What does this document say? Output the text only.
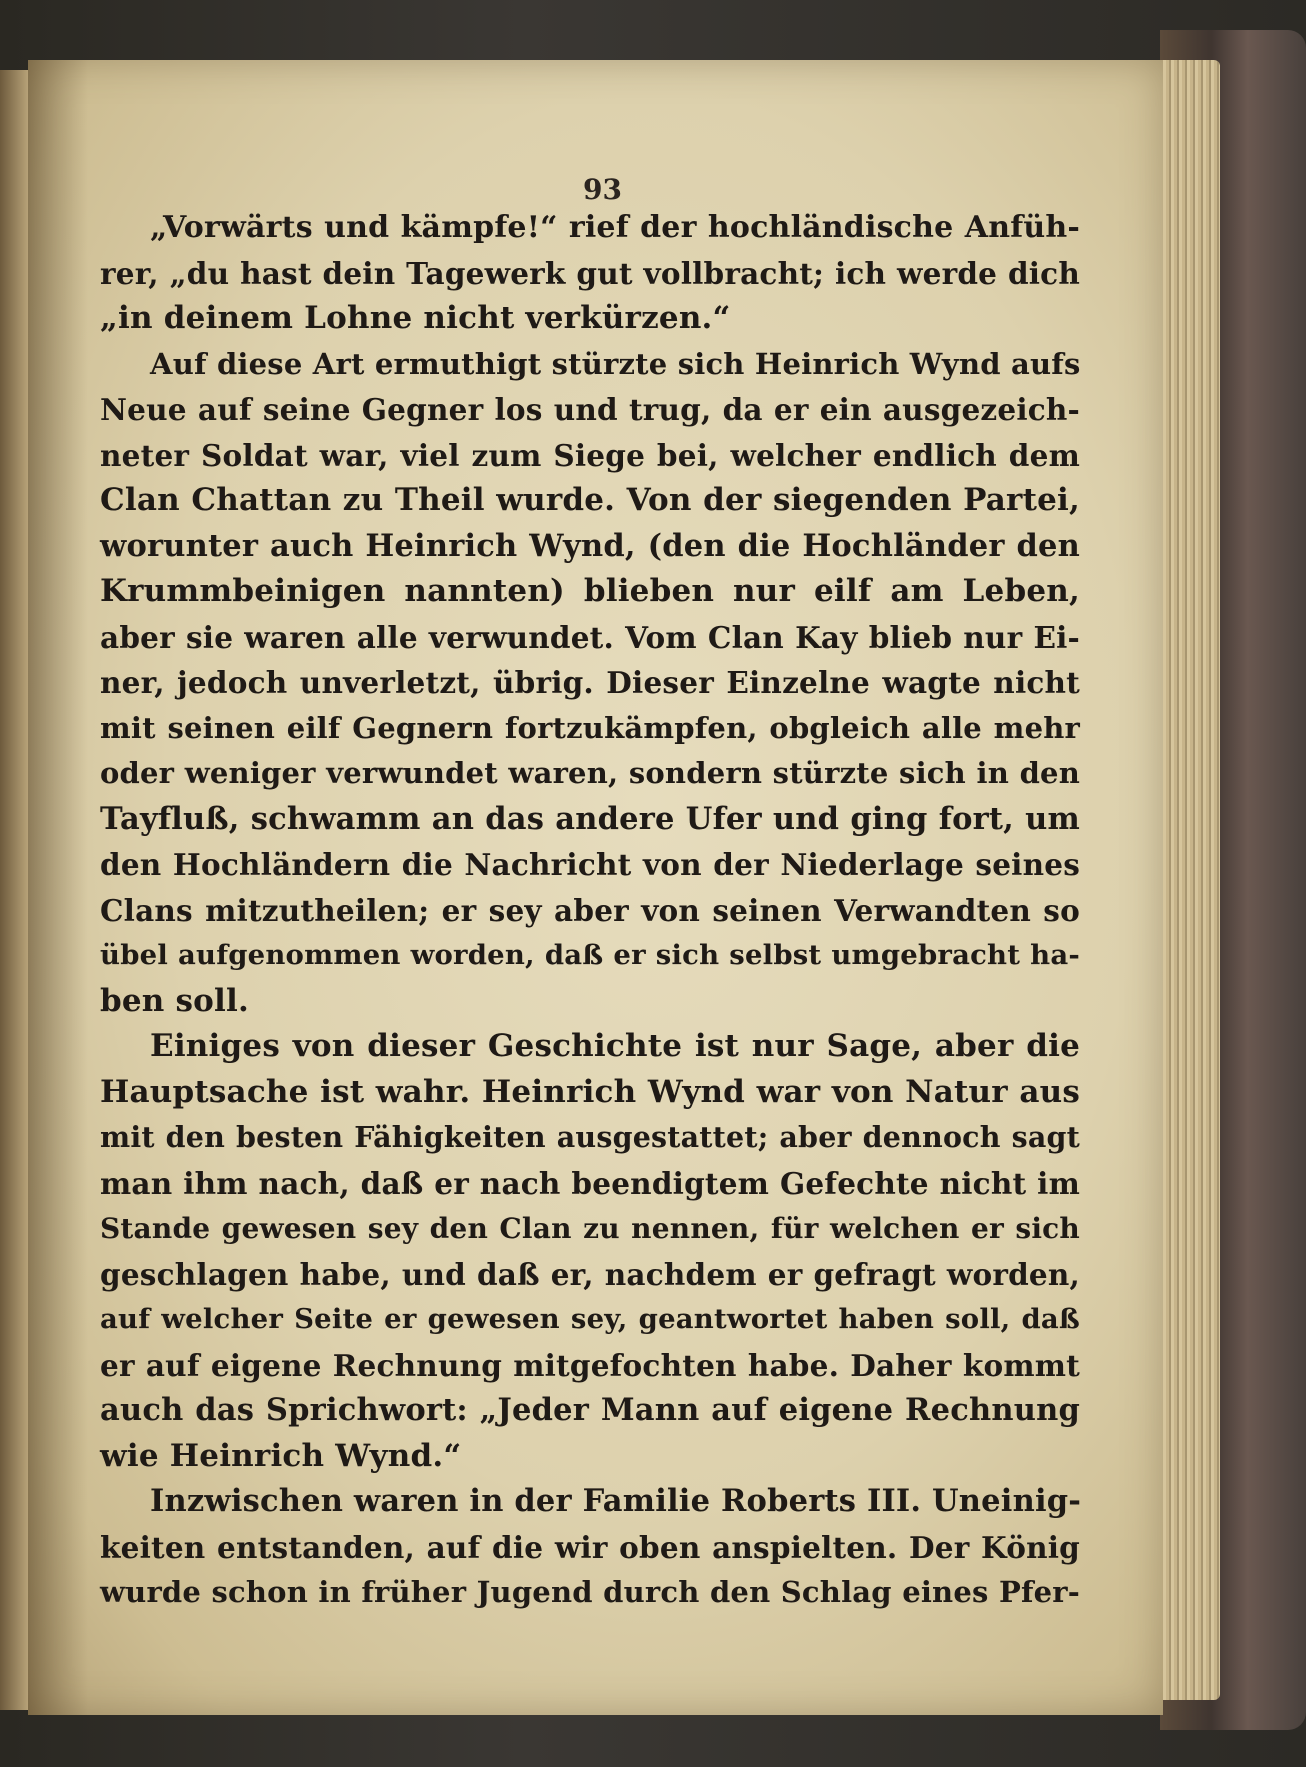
93
„Vorwärts und kämpfe!“ rief der hochländische Anfüh-
rer, „du hast dein Tagewerk gut vollbracht; ich werde dich
„in deinem Lohne nicht verkürzen.“
Auf diese Art ermuthigt stürzte sich Heinrich Wynd aufs
Neue auf seine Gegner los und trug, da er ein ausgezeich-
neter Soldat war, viel zum Siege bei, welcher endlich dem
Clan Chattan zu Theil wurde. Von der siegenden Partei,
worunter auch Heinrich Wynd, (den die Hochländer den
Krummbeinigen nannten) blieben nur eilf am Leben,
aber sie waren alle verwundet. Vom Clan Kay blieb nur Ei-
ner, jedoch unverletzt, übrig. Dieser Einzelne wagte nicht
mit seinen eilf Gegnern fortzukämpfen, obgleich alle mehr
oder weniger verwundet waren, sondern stürzte sich in den
Tayfluß, schwamm an das andere Ufer und ging fort, um
den Hochländern die Nachricht von der Niederlage seines
Clans mitzutheilen; er sey aber von seinen Verwandten so
übel aufgenommen worden, daß er sich selbst umgebracht ha-
ben soll.
Einiges von dieser Geschichte ist nur Sage, aber die
Hauptsache ist wahr. Heinrich Wynd war von Natur aus
mit den besten Fähigkeiten ausgestattet; aber dennoch sagt
man ihm nach, daß er nach beendigtem Gefechte nicht im
Stande gewesen sey den Clan zu nennen, für welchen er sich
geschlagen habe, und daß er, nachdem er gefragt worden,
auf welcher Seite er gewesen sey, geantwortet haben soll, daß
er auf eigene Rechnung mitgefochten habe. Daher kommt
auch das Sprichwort: „Jeder Mann auf eigene Rechnung
wie Heinrich Wynd.“
Inzwischen waren in der Familie Roberts III. Uneinig-
keiten entstanden, auf die wir oben anspielten. Der König
wurde schon in früher Jugend durch den Schlag eines Pfer-
